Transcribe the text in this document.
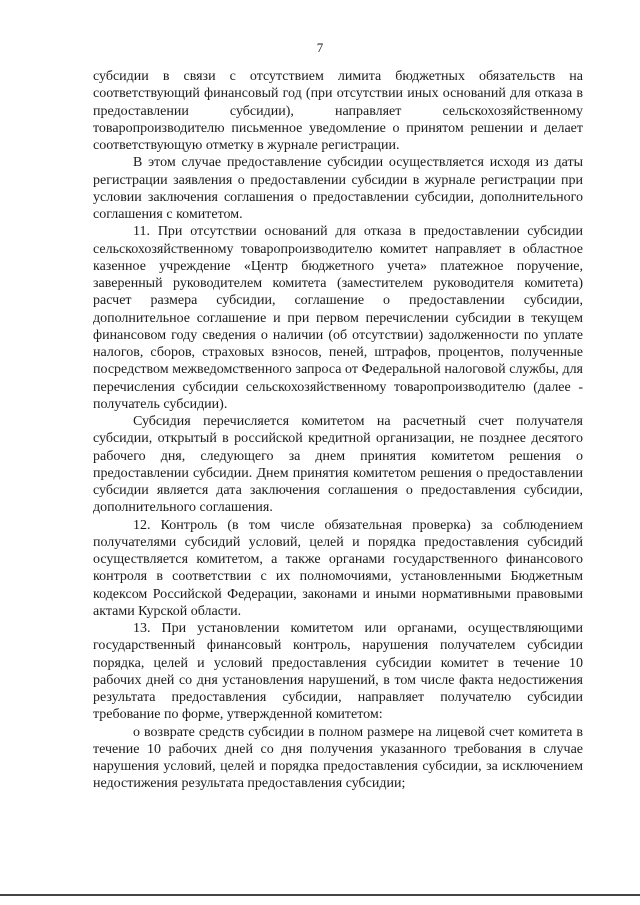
7

субсидии в связи с отсутствием лимита бюджетных обязательств на соответствующий финансовый год (при отсутствии иных оснований для отказа в предоставлении субсидии), направляет сельскохозяйственному товаропроизводителю письменное уведомление о принятом решении и делает соответствующую отметку в журнале регистрации.

В этом случае предоставление субсидии осуществляется исходя из даты регистрации заявления о предоставлении субсидии в журнале регистрации при условии заключения соглашения о предоставлении субсидии, дополнительного соглашения с комитетом.

11. При отсутствии оснований для отказа в предоставлении субсидии сельскохозяйственному товаропроизводителю комитет направляет в областное казенное учреждение «Центр бюджетного учета» платежное поручение, заверенный руководителем комитета (заместителем руководителя комитета) расчет размера субсидии, соглашение о предоставлении субсидии, дополнительное соглашение и при первом перечислении субсидии в текущем финансовом году сведения о наличии (об отсутствии) задолженности по уплате налогов, сборов, страховых взносов, пеней, штрафов, процентов, полученные посредством межведомственного запроса от Федеральной налоговой службы, для перечисления субсидии сельскохозяйственному товаропроизводителю (далее - получатель субсидии).

Субсидия перечисляется комитетом на расчетный счет получателя субсидии, открытый в российской кредитной организации, не позднее десятого рабочего дня, следующего за днем принятия комитетом решения о предоставлении субсидии. Днем принятия комитетом решения о предоставлении субсидии является дата заключения соглашения о предоставления субсидии, дополнительного соглашения.

12. Контроль (в том числе обязательная проверка) за соблюдением получателями субсидий условий, целей и порядка предоставления субсидий осуществляется комитетом, а также органами государственного финансового контроля в соответствии с их полномочиями, установленными Бюджетным кодексом Российской Федерации, законами и иными нормативными правовыми актами Курской области.

13. При установлении комитетом или органами, осуществляющими государственный финансовый контроль, нарушения получателем субсидии порядка, целей и условий предоставления субсидии комитет в течение 10 рабочих дней со дня установления нарушений, в том числе факта недостижения результата предоставления субсидии, направляет получателю субсидии требование по форме, утвержденной комитетом:

о возврате средств субсидии в полном размере на лицевой счет комитета в течение 10 рабочих дней со дня получения указанного требования в случае нарушения условий, целей и порядка предоставления субсидии, за исключением недостижения результата предоставления субсидии;
